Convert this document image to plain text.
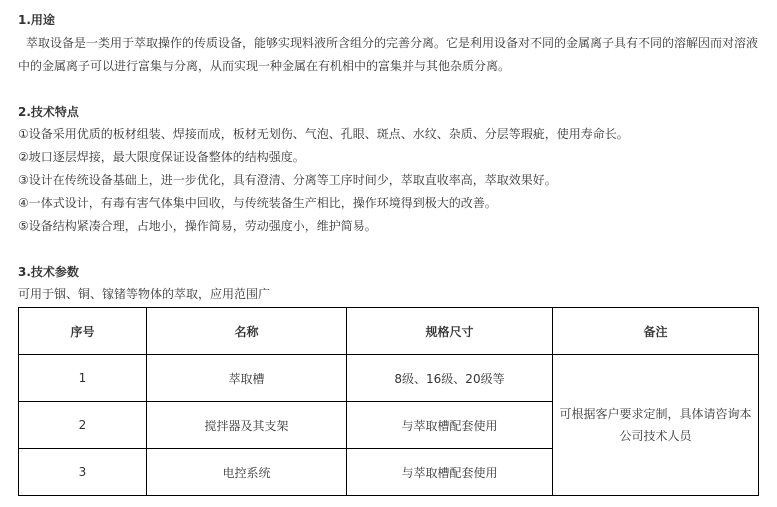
1.用途
萃取设备是一类用于萃取操作的传质设备，能够实现料液所含组分的完善分离。它是利用设备对不同的金属离子具有不同的溶解因而对溶液中的金属离子可以进行富集与分离，从而实现一种金属在有机相中的富集并与其他杂质分离。
2.技术特点
①设备采用优质的板材组装、焊接而成，板材无划伤、气泡、孔眼、斑点、水纹、杂质、分层等瑕疵，使用寿命长。
②坡口逐层焊接，最大限度保证设备整体的结构强度。
③设计在传统设备基础上，进一步优化，具有澄清、分离等工序时间少，萃取直收率高，萃取效果好。
④一体式设计，有毒有害气体集中回收，与传统装备生产相比，操作环境得到极大的改善。
⑤设备结构紧凑合理，占地小，操作简易，劳动强度小，维护简易。
3.技术参数
可用于铟、铜、镓锗等物体的萃取，应用范围广
序号	名称	规格尺寸	备注
1	萃取槽	8级、16级、20级等	可根据客户要求定制，具体请咨询本公司技术人员
2	搅拌器及其支架	与萃取槽配套使用	
3	电控系统	与萃取槽配套使用	
